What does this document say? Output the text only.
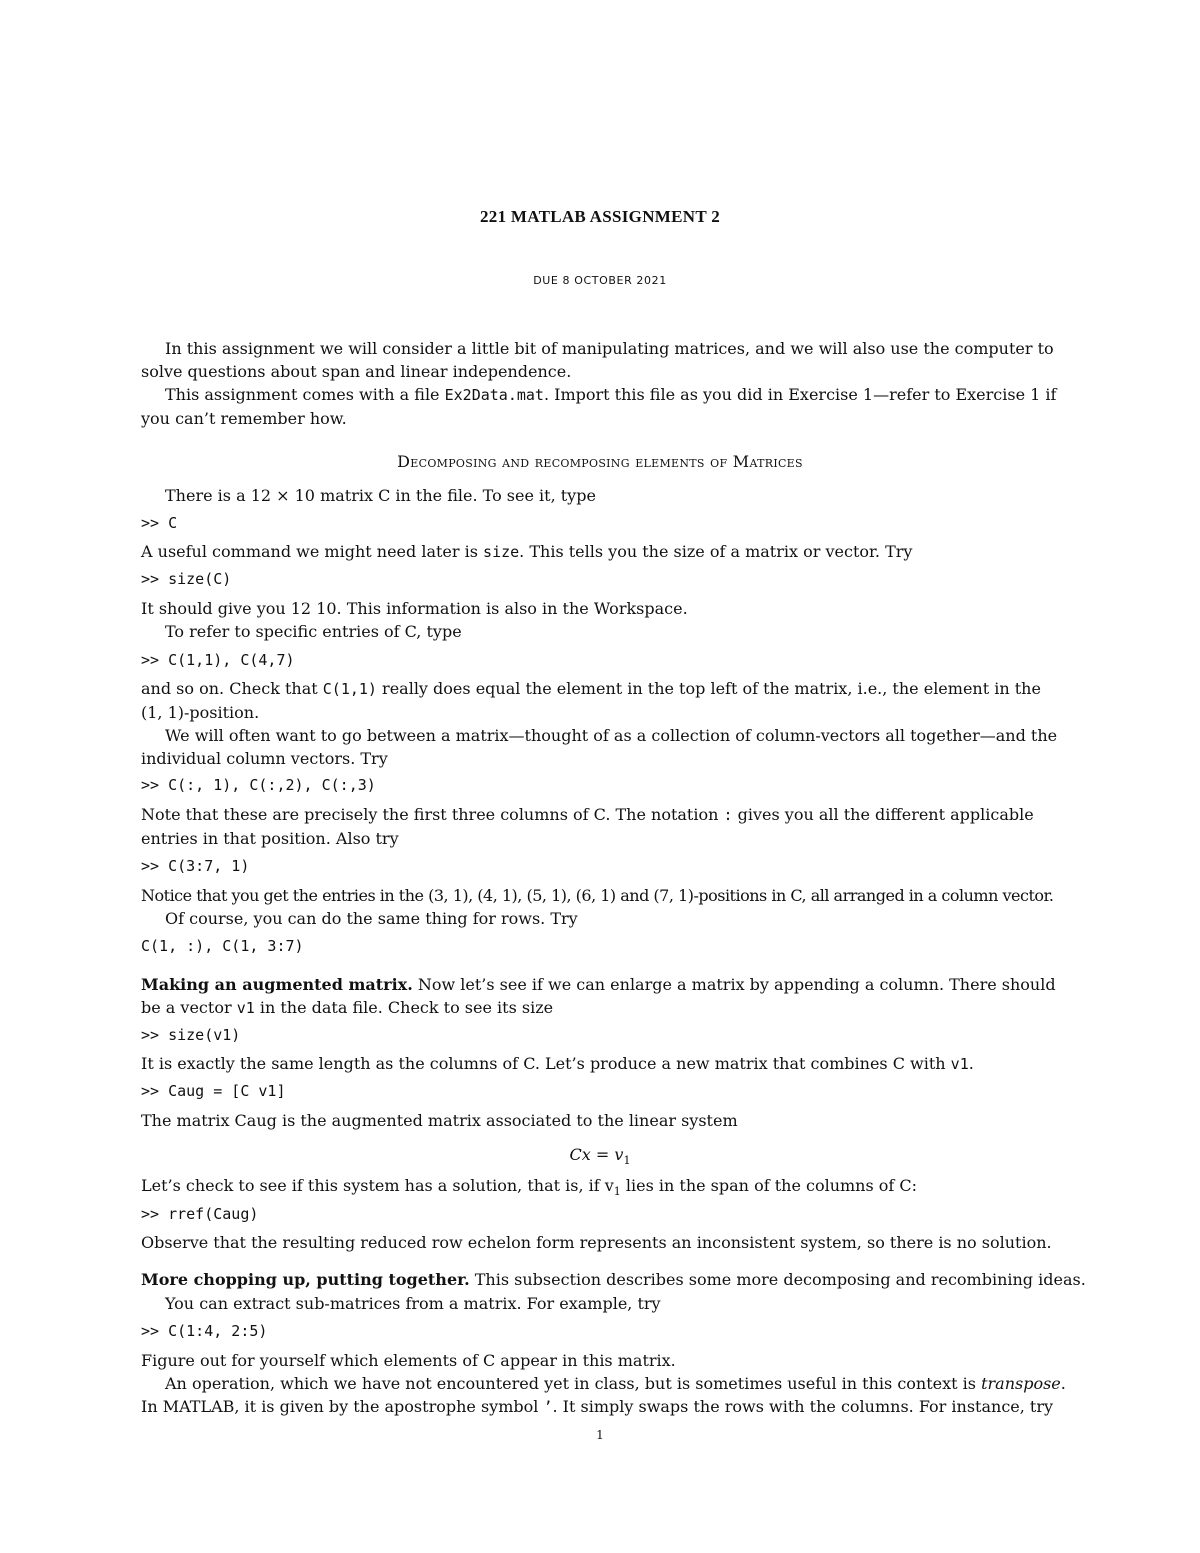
221 MATLAB ASSIGNMENT 2
DUE 8 OCTOBER 2021
In this assignment we will consider a little bit of manipulating matrices, and we will also use the computer to solve questions about span and linear independence.
This assignment comes with a file Ex2Data.mat. Import this file as you did in Exercise 1—refer to Exercise 1 if you can’t remember how.
Decomposing and recomposing elements of Matrices
There is a 12 × 10 matrix C in the file. To see it, type
>> C
A useful command we might need later is size. This tells you the size of a matrix or vector. Try
>> size(C)
It should give you 12 10. This information is also in the Workspace.
To refer to specific entries of C, type
>> C(1,1), C(4,7)
and so on. Check that C(1,1) really does equal the element in the top left of the matrix, i.e., the element in the (1, 1)-position.
We will often want to go between a matrix—thought of as a collection of column-vectors all together—and the individual column vectors. Try
>> C(:, 1), C(:,2), C(:,3)
Note that these are precisely the first three columns of C. The notation : gives you all the different applicable entries in that position. Also try
>> C(3:7, 1)
Notice that you get the entries in the (3, 1), (4, 1), (5, 1), (6, 1) and (7, 1)-positions in C, all arranged in a column vector.
Of course, you can do the same thing for rows. Try
C(1, :), C(1, 3:7)
Making an augmented matrix. Now let’s see if we can enlarge a matrix by appending a column. There should be a vector v1 in the data file. Check to see its size
>> size(v1)
It is exactly the same length as the columns of C. Let’s produce a new matrix that combines C with v1.
>> Caug = [C v1]
The matrix Caug is the augmented matrix associated to the linear system
$Cx = v_1$
Let’s check to see if this system has a solution, that is, if $v_1$ lies in the span of the columns of C:
>> rref(Caug)
Observe that the resulting reduced row echelon form represents an inconsistent system, so there is no solution.
More chopping up, putting together. This subsection describes some more decomposing and recombining ideas.
You can extract sub-matrices from a matrix. For example, try
>> C(1:4, 2:5)
Figure out for yourself which elements of C appear in this matrix.
An operation, which we have not encountered yet in class, but is sometimes useful in this context is transpose.
In MATLAB, it is given by the apostrophe symbol ’. It simply swaps the rows with the columns. For instance, try
1
